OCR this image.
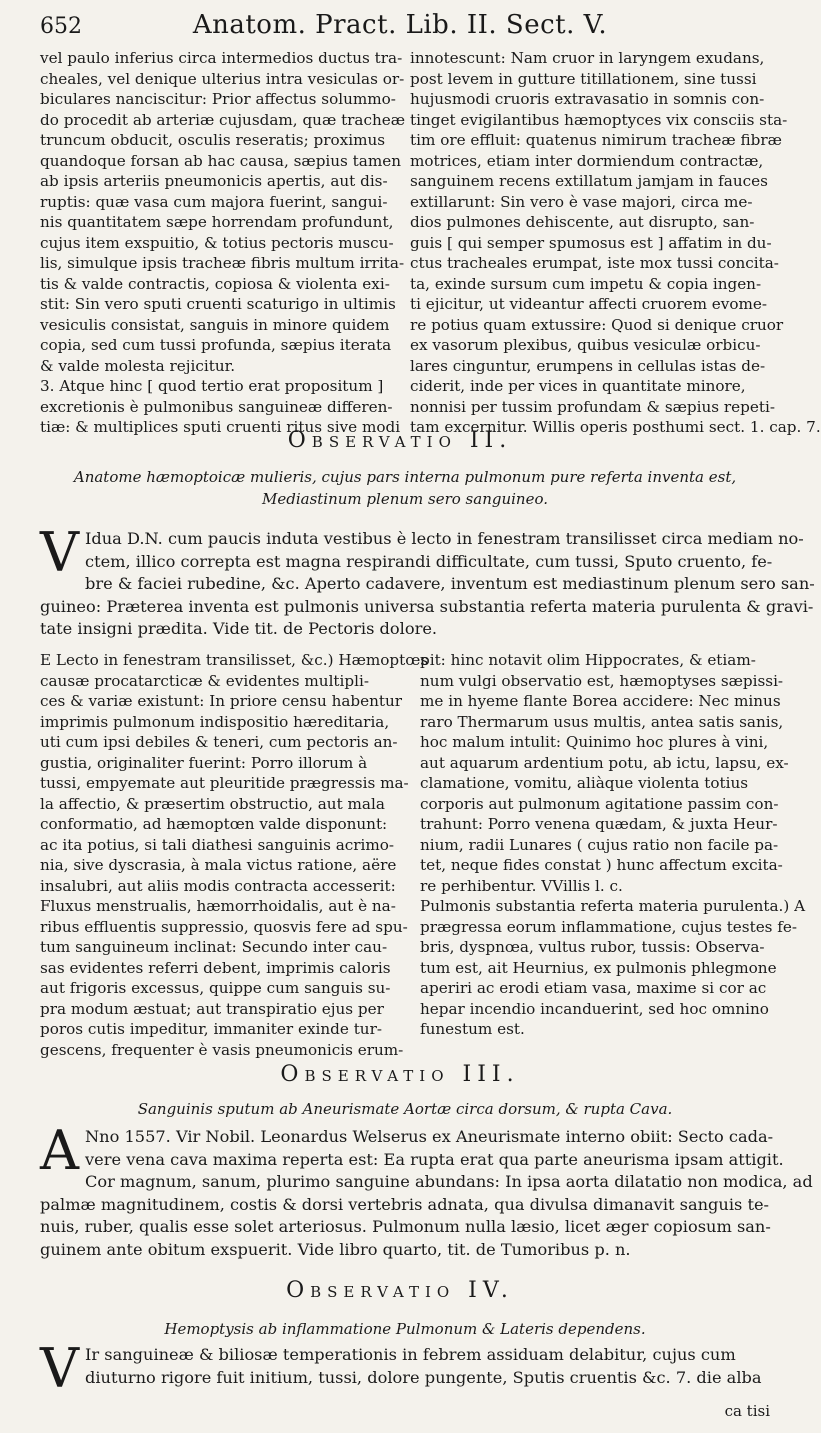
652	Anatom. Pract. Lib. II. Sect. V.
vel paulo inferius circa intermedios ductus tra-
cheales, vel denique ulterius intra vesiculas or-
biculares nanciscitur: Prior affectus solummo-
do procedit ab arteriæ cujusdam, quæ tracheæ
truncum obducit, osculis reseratis; proximus
quandoque forsan ab hac causa, sæpius tamen
ab ipsis arteriis pneumonicis apertis, aut dis-
ruptis: quæ vasa cum majora fuerint, sangui-
nis quantitatem sæpe horrendam profundunt,
cujus item exspuitio, & totius pectoris muscu-
lis, simulque ipsis tracheæ fibris multum irrita-
tis & valde contractis, copiosa & violenta exi-
stit: Sin vero sputi cruenti scaturigo in ultimis
vesiculis consistat, sanguis in minore quidem
copia, sed cum tussi profunda, sæpius iterata
& valde molesta rejicitur.
3. Atque hinc [ quod tertio erat propositum ]
excretionis è pulmonibus sanguineæ differen-
tiæ: & multiplices sputi cruenti ritus sive modi
innotescunt: Nam cruor in laryngem exudans,
post levem in gutture titillationem, sine tussi
hujusmodi cruoris extravasatio in somnis con-
tinget evigilantibus hæmoptyces vix consciis sta-
tim ore effluit: quatenus nimirum tracheæ fibræ
motrices, etiam inter dormiendum contractæ,
sanguinem recens extillatum jamjam in fauces
extillarunt: Sin vero è vase majori, circa me-
dios pulmones dehiscente, aut disrupto, san-
guis [ qui semper spumosus est ] affatim in du-
ctus tracheales erumpat, iste mox tussi concita-
ta, exinde sursum cum impetu & copia ingen-
ti ejicitur, ut videantur affecti cruorem evome-
re potius quam extussire: Quod si denique cruor
ex vasorum plexibus, quibus vesiculæ orbicu-
lares cinguntur, erumpens in cellulas istas de-
ciderit, inde per vices in quantitate minore,
nonnisi per tussim profundam & sæpius repeti-
tam excernitur. Willis operis posthumi sect. 1. cap. 7.
Observatio II.
Anatome hæmoptoicæ mulieris, cujus pars interna pulmonum pure referta inventa est,
Mediastinum plenum sero sanguineo.
V Idua D.N. cum paucis induta vestibus è lecto in fenestram transilisset circa mediam no-
ctem, illico correpta est magna respirandi difficultate, cum tussi, Sputo cruento, fe-
bre & faciei rubedine, &c. Aperto cadavere, inventum est mediastinum plenum sero san-
guineo: Præterea inventa est pulmonis universa substantia referta materia purulenta & gravi-
tate insigni prædita. Vide tit. de Pectoris dolore.
E Lecto in fenestram transilisset, &c.) Hæmoptœs
causæ procatarcticæ & evidentes multipli-
ces & variæ existunt: In priore censu habentur
imprimis pulmonum indispositio hæreditaria,
uti cum ipsi debiles & teneri, cum pectoris an-
gustia, originaliter fuerint: Porro illorum à
tussi, empyemate aut pleuritide prægressis ma-
la affectio, & præsertim obstructio, aut mala
conformatio, ad hæmoptœn valde disponunt:
ac ita potius, si tali diathesi sanguinis acrimo-
nia, sive dyscrasia, à mala victus ratione, aëre
insalubri, aut aliis modis contracta accesserit:
Fluxus menstrualis, hæmorrhoidalis, aut è na-
ribus effluentis suppressio, quosvis fere ad spu-
tum sanguineum inclinat: Secundo inter cau-
sas evidentes referri debent, imprimis caloris
aut frigoris excessus, quippe cum sanguis su-
pra modum æstuat; aut transpiratio ejus per
poros cutis impeditur, immaniter exinde tur-
gescens, frequenter è vasis pneumonicis erum-
pit: hinc notavit olim Hippocrates, & etiam-
num vulgi observatio est, hæmoptyses sæpissi-
me in hyeme flante Borea accidere: Nec minus
raro Thermarum usus multis, antea satis sanis,
hoc malum intulit: Quinimo hoc plures à vini,
aut aquarum ardentium potu, ab ictu, lapsu, ex-
clamatione, vomitu, aliàque violenta totius
corporis aut pulmonum agitatione passim con-
trahunt: Porro venena quædam, & juxta Heur-
nium, radii Lunares ( cujus ratio non facile pa-
tet, neque fides constat ) hunc affectum excita-
re perhibentur. VVillis l. c.
Pulmonis substantia referta materia purulenta.) A
prægressa eorum inflammatione, cujus testes fe-
bris, dyspnœa, vultus rubor, tussis: Observa-
tum est, ait Heurnius, ex pulmonis phlegmone
aperiri ac erodi etiam vasa, maxime si cor ac
hepar incendio incanduerint, sed hoc omnino
funestum est.
Observatio III.
Sanguinis sputum ab Aneurismate Aortæ circa dorsum, & rupta Cava.
A Nno 1557. Vir Nobil. Leonardus Welserus ex Aneurismate interno obiit: Secto cada-
vere vena cava maxima reperta est: Ea rupta erat qua parte aneurisma ipsam attigit.
Cor magnum, sanum, plurimo sanguine abundans: In ipsa aorta dilatatio non modica, ad
palmæ magnitudinem, costis & dorsi vertebris adnata, qua divulsa dimanavit sanguis te-
nuis, ruber, qualis esse solet arteriosus. Pulmonum nulla læsio, licet æger copiosum san-
guinem ante obitum exspuerit. Vide libro quarto, tit. de Tumoribus p. n.
Observatio IV.
Hemoptysis ab inflammatione Pulmonum & Lateris dependens.
V Ir sanguineæ & biliosæ temperationis in febrem assiduam delabitur, cujus cum
diuturno rigore fuit initium, tussi, dolore pungente, Sputis cruentis &c. 7. die alba
ca tisi
